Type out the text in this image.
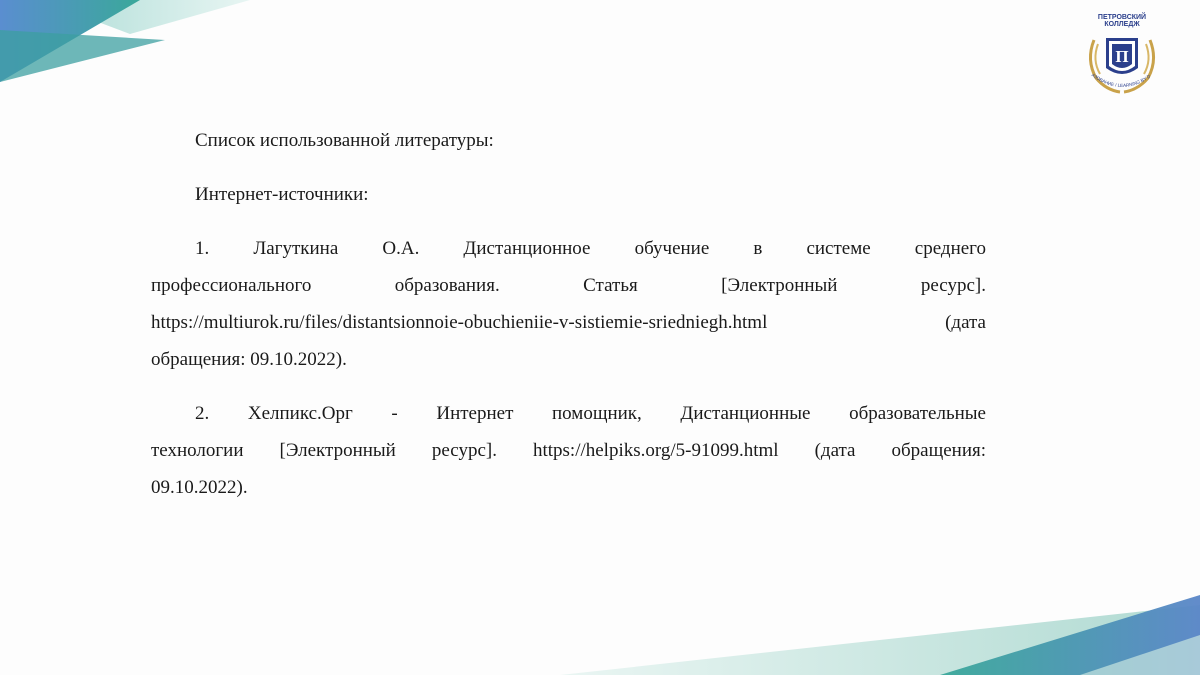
ПЕТРОВСКИЙ
КОЛЛЕДЖ
П
АЗОВАНИЕ / LEARNING BY D

Список использованной литературы:

Интернет-источники:

1. Лагуткина О.А. Дистанционное обучение в системе среднего

профессионального образования. Статья [Электронный ресурс].

https://multiurok.ru/files/distantsionnoie-obuchieniie-v-sistiemie-sriedniegh.html (дата

обращения: 09.10.2022).

2. Хелпикс.Орг - Интернет помощник, Дистанционные образовательные

технологии [Электронный ресурс]. https://helpiks.org/5-91099.html (дата обращения:

09.10.2022).
